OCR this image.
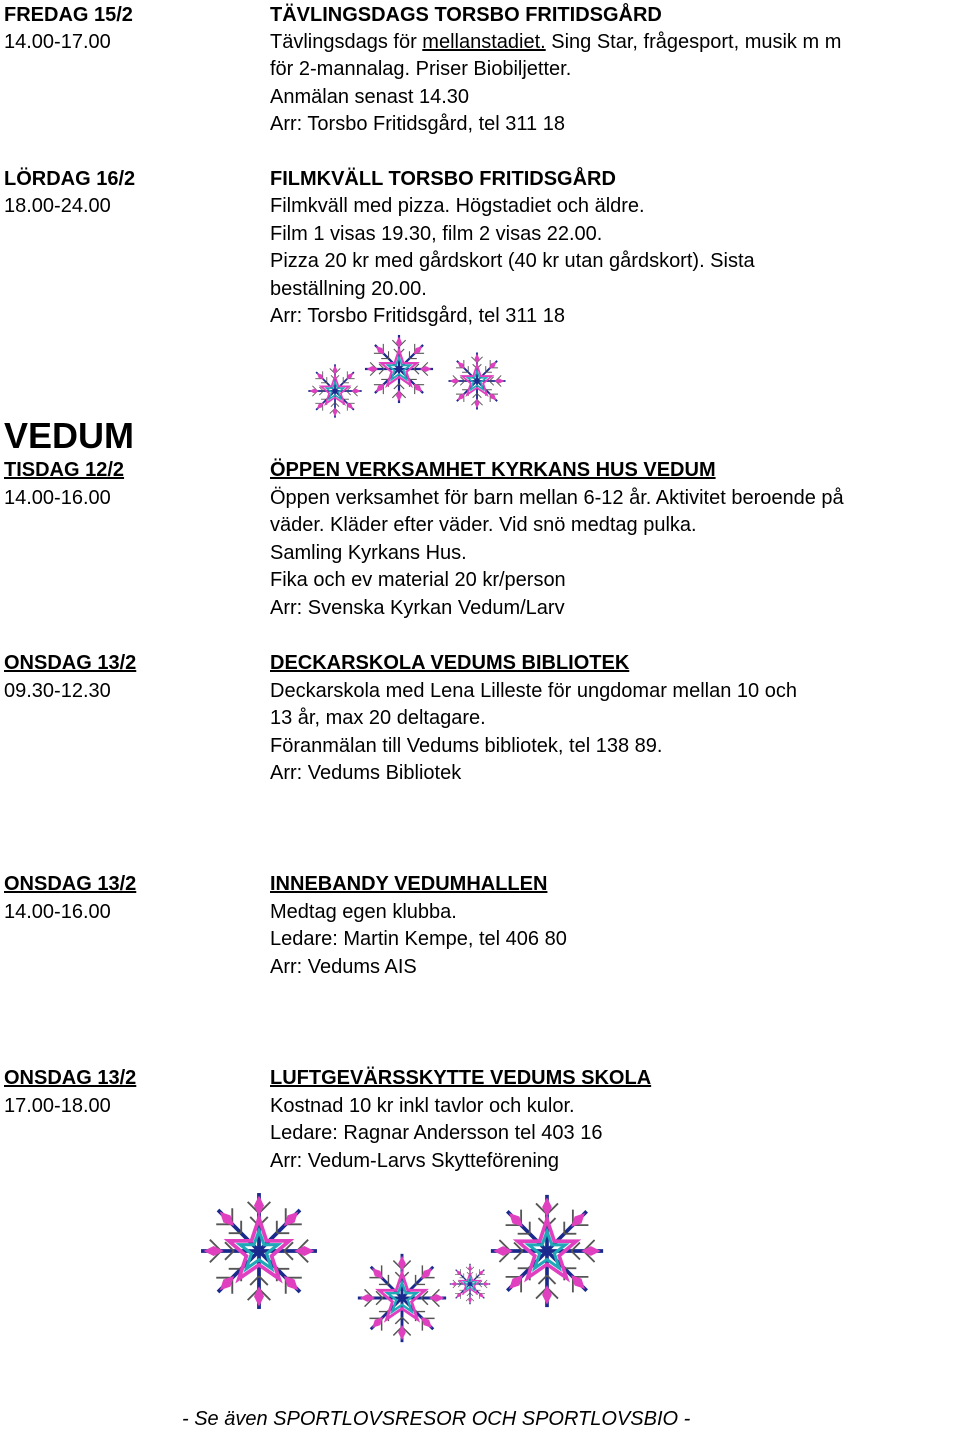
FREDAG 15/2	TÄVLINGSDAGS TORSBO FRITIDSGÅRD
14.00-17.00	Tävlingsdags för mellanstadiet. Sing Star, frågesport, musik m m
för 2-mannalag. Priser Biobiljetter.
Anmälan senast 14.30
Arr: Torsbo Fritidsgård, tel 311 18
LÖRDAG 16/2	FILMKVÄLL TORSBO FRITIDSGÅRD
18.00-24.00	Filmkväll med pizza. Högstadiet och äldre.
Film 1 visas 19.30, film 2 visas 22.00.
Pizza 20 kr med gårdskort (40 kr utan gårdskort). Sista
beställning 20.00.
Arr: Torsbo Fritidsgård, tel 311 18
VEDUM
TISDAG 12/2	ÖPPEN VERKSAMHET KYRKANS HUS VEDUM
14.00-16.00	Öppen verksamhet för barn mellan 6-12 år. Aktivitet beroende på
väder. Kläder efter väder. Vid snö medtag pulka.
Samling Kyrkans Hus.
Fika och ev material 20 kr/person
Arr: Svenska Kyrkan Vedum/Larv
ONSDAG 13/2	DECKARSKOLA VEDUMS BIBLIOTEK
09.30-12.30	Deckarskola med Lena Lilleste för ungdomar mellan 10 och
13 år, max 20 deltagare.
Föranmälan till Vedums bibliotek, tel 138 89.
Arr: Vedums Bibliotek
ONSDAG 13/2	INNEBANDY VEDUMHALLEN
14.00-16.00	Medtag egen klubba.
Ledare: Martin Kempe, tel 406 80
Arr: Vedums AIS
ONSDAG 13/2	LUFTGEVÄRSSKYTTE VEDUMS SKOLA
17.00-18.00	Kostnad 10 kr inkl tavlor och kulor.
Ledare: Ragnar Andersson tel 403 16
Arr: Vedum-Larvs Skytteförening
- Se även SPORTLOVSRESOR OCH SPORTLOVSBIO -
